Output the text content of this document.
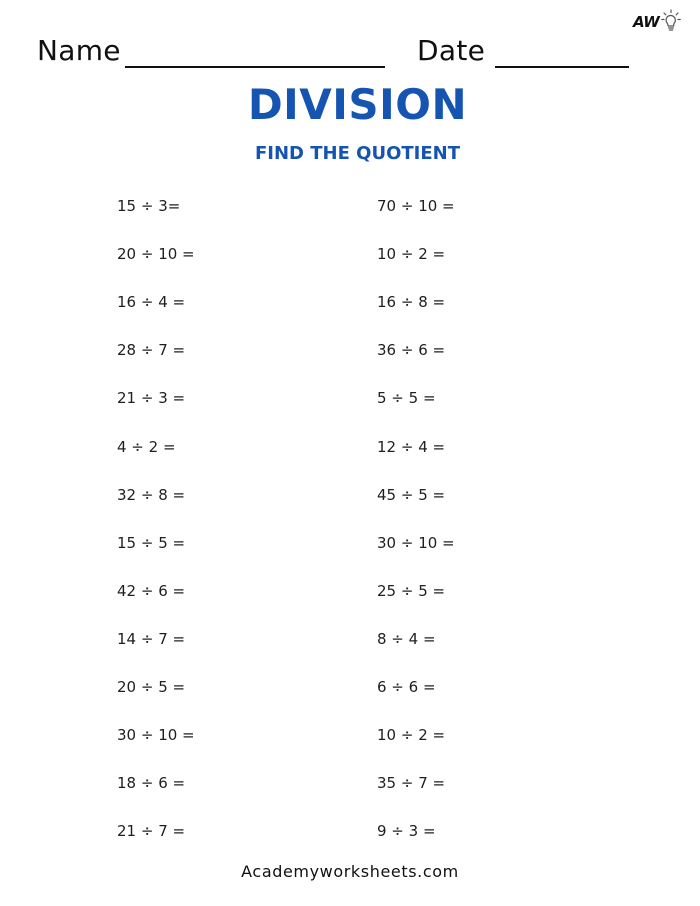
AW
Name	Date
DIVISION
FIND THE QUOTIENT
15 ÷ 3=
20 ÷ 10 =
16 ÷ 4 =
28 ÷ 7 =
21 ÷ 3 =
4 ÷ 2 =
32 ÷ 8 =
15 ÷ 5 =
42 ÷ 6 =
14 ÷ 7 =
20 ÷ 5 =
30 ÷ 10 =
18 ÷ 6 =
21 ÷ 7 =
70 ÷ 10 =
10 ÷ 2 =
16 ÷ 8 =
36 ÷ 6 =
5 ÷ 5 =
12 ÷ 4 =
45 ÷ 5 =
30 ÷ 10 =
25 ÷ 5 =
8 ÷ 4 =
6 ÷ 6 =
10 ÷ 2 =
35 ÷ 7 =
9 ÷ 3 =
Academyworksheets.com
